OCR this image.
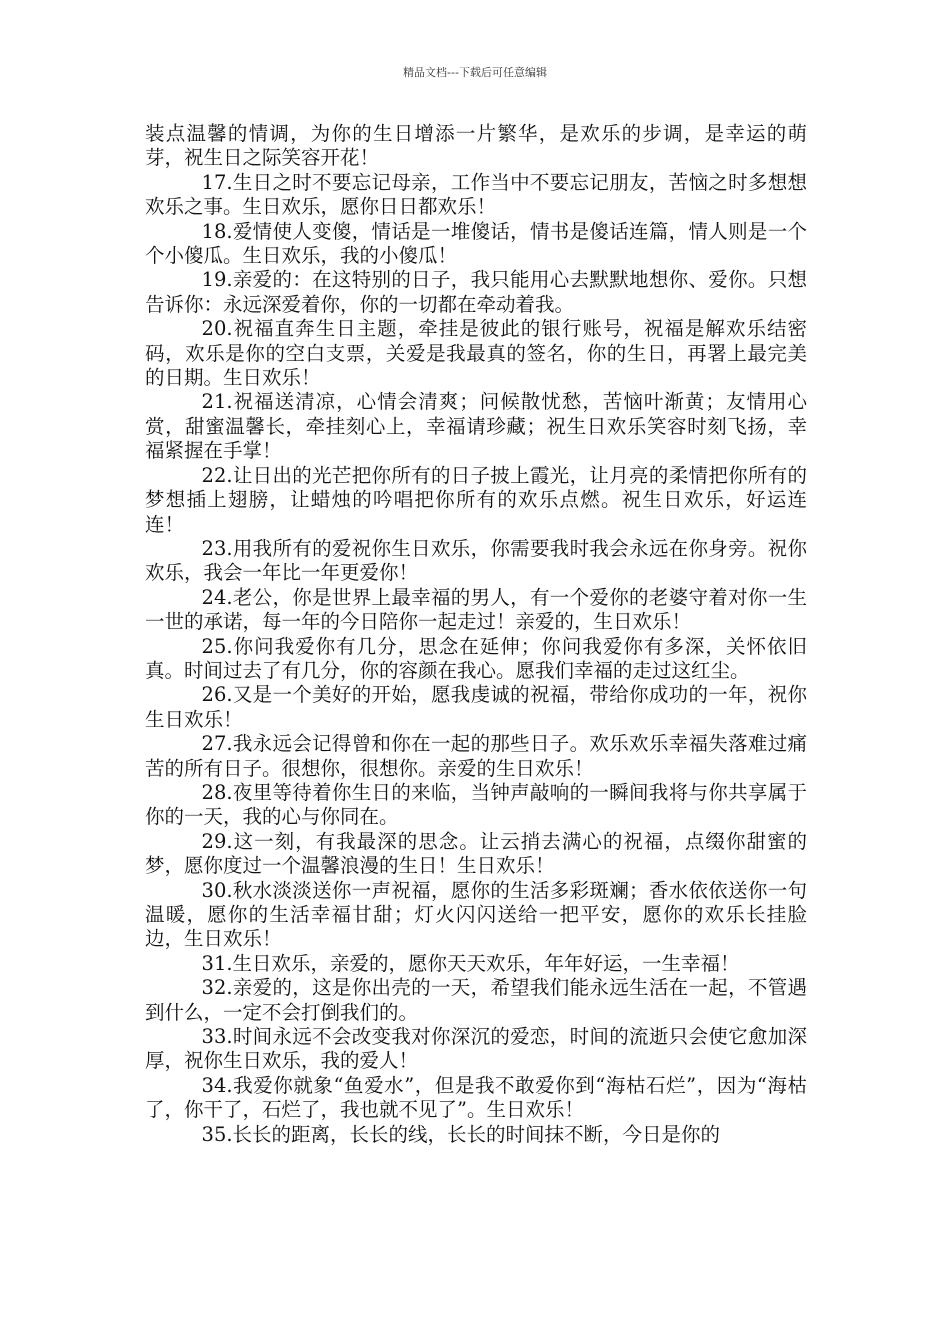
精品文档---下载后可任意编辑

装点温馨的情调，为你的生日增添一片繁华，是欢乐的步调，是幸运的萌芽，祝生日之际笑容开花！

17.生日之时不要忘记母亲，工作当中不要忘记朋友，苦恼之时多想想欢乐之事。生日欢乐，愿你日日都欢乐！

18.爱情使人变傻，情话是一堆傻话，情书是傻话连篇，情人则是一个个小傻瓜。生日欢乐，我的小傻瓜！

19.亲爱的：在这特别的日子，我只能用心去默默地想你、爱你。只想告诉你：永远深爱着你，你的一切都在牵动着我。

20.祝福直奔生日主题，牵挂是彼此的银行账号，祝福是解欢乐结密码，欢乐是你的空白支票，关爱是我最真的签名，你的生日，再署上最完美的日期。生日欢乐！

21.祝福送清凉，心情会清爽；问候散忧愁，苦恼叶渐黄；友情用心赏，甜蜜温馨长，牵挂刻心上，幸福请珍藏；祝生日欢乐笑容时刻飞扬，幸福紧握在手掌！

22.让日出的光芒把你所有的日子披上霞光，让月亮的柔情把你所有的梦想插上翅膀，让蜡烛的吟唱把你所有的欢乐点燃。祝生日欢乐，好运连连！

23.用我所有的爱祝你生日欢乐，你需要我时我会永远在你身旁。祝你欢乐，我会一年比一年更爱你！

24.老公，你是世界上最幸福的男人，有一个爱你的老婆守着对你一生一世的承诺，每一年的今日陪你一起走过！亲爱的，生日欢乐！

25.你问我爱你有几分，思念在延伸；你问我爱你有多深，关怀依旧真。时间过去了有几分，你的容颜在我心。愿我们幸福的走过这红尘。

26.又是一个美好的开始，愿我虔诚的祝福，带给你成功的一年，祝你生日欢乐！

27.我永远会记得曾和你在一起的那些日子。欢乐欢乐幸福失落难过痛苦的所有日子。很想你，很想你。亲爱的生日欢乐！

28.夜里等待着你生日的来临，当钟声敲响的一瞬间我将与你共享属于你的一天，我的心与你同在。

29.这一刻，有我最深的思念。让云捎去满心的祝福，点缀你甜蜜的梦，愿你度过一个温馨浪漫的生日！生日欢乐！

30.秋水淡淡送你一声祝福，愿你的生活多彩斑斓；香水依依送你一句温暖，愿你的生活幸福甘甜；灯火闪闪送给一把平安，愿你的欢乐长挂脸边，生日欢乐！

31.生日欢乐，亲爱的，愿你天天欢乐，年年好运，一生幸福！

32.亲爱的，这是你出壳的一天，希望我们能永远生活在一起，不管遇到什么，一定不会打倒我们的。

33.时间永远不会改变我对你深沉的爱恋，时间的流逝只会使它愈加深厚，祝你生日欢乐，我的爱人！

34.我爱你就象“鱼爱水”，但是我不敢爱你到“海枯石烂”，因为“海枯了，你干了，石烂了，我也就不见了”。生日欢乐！

35.长长的距离，长长的线，长长的时间抹不断，今日是你的
